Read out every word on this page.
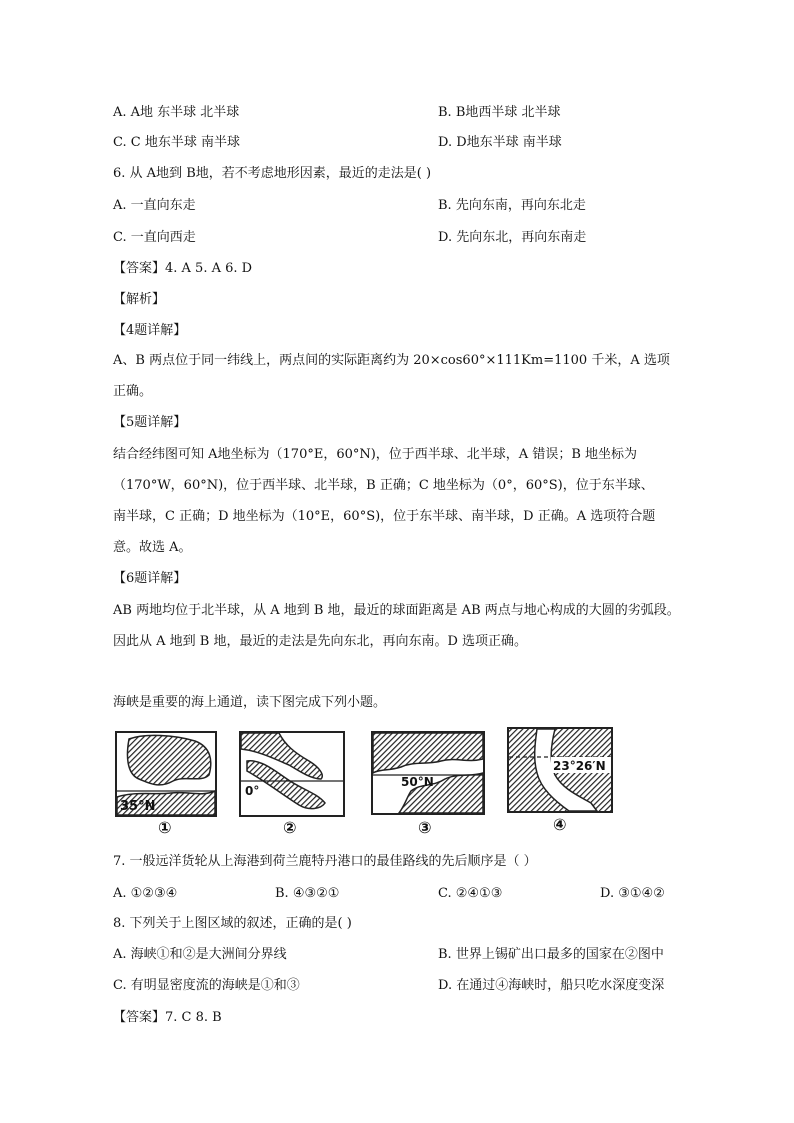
A. A地 东半球 北半球	B. B地西半球 北半球
C. C 地东半球 南半球	D. D地东半球 南半球
6. 从 A地到 B地，若不考虑地形因素，最近的走法是( )
A. 一直向东走	B. 先向东南，再向东北走
C. 一直向西走	D. 先向东北，再向东南走
【答案】4. A 5. A 6. D
【解析】
【4题详解】
A、B 两点位于同一纬线上，两点间的实际距离约为 20×cos60°×111Km=1100 千米，A 选项
正确。
【5题详解】
结合经纬图可知 A地坐标为（170°E，60°N)，位于西半球、北半球，A 错误；B 地坐标为
（170°W，60°N)，位于西半球、北半球，B 正确；C 地坐标为（0°，60°S)，位于东半球、
南半球，C 正确；D 地坐标为（10°E，60°S)，位于东半球、南半球，D 正确。A 选项符合题
意。故选 A。
【6题详解】
AB 两地均位于北半球，从 A 地到 B 地，最近的球面距离是 AB 两点与地心构成的大圆的劣弧段。
因此从 A 地到 B 地，最近的走法是先向东北，再向东南。D 选项正确。
海峡是重要的海上通道，读下图完成下列小题。
35°N
①
0°
②
50°N
③
23°26′N
④
7. 一般远洋货轮从上海港到荷兰鹿特丹港口的最佳路线的先后顺序是（ ）
A. ①②③④	B. ④③②①	C. ②④①③	D. ③①④②
8. 下列关于上图区域的叙述，正确的是( )
A. 海峡①和②是大洲间分界线	B. 世界上锡矿出口最多的国家在②图中
C. 有明显密度流的海峡是①和③	D. 在通过④海峡时，船只吃水深度变深
【答案】7. C 8. B
